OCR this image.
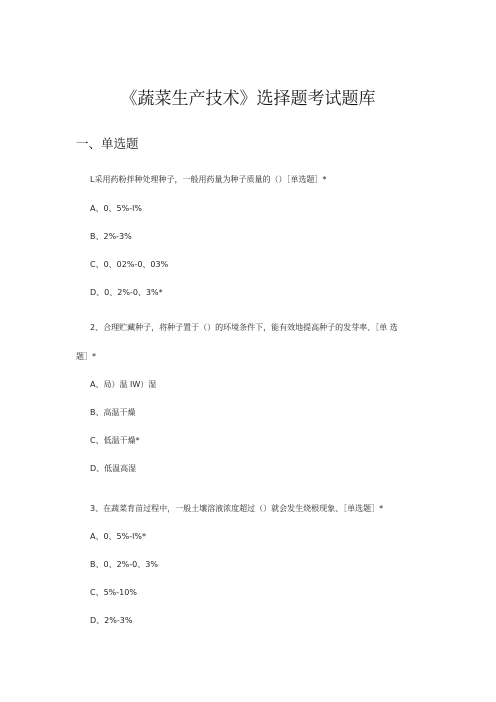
《蔬菜生产技术》选择题考试题库
一、单选题
L采用药粉拌种处理种子，一般用药量为种子质量的（）［单选题］*
A、0、5%-l%
B、2%-3%
C、0、02%-0、03%
D、0、2%-0、3%*
2、合理贮藏种子，将种子置于（）的环境条件下，能有效地提高种子的发芽率、［单 选
题］*
A、局）温 IW）湿
B、高温干燥
C、低温干燥*
D、低温高湿
3、在蔬菜育苗过程中，一般土壤溶液浓度超过（）就会发生烧根现象、［单选题］*
A、0、5%-l%*
B、0、2%-0、3%
C、5%-10%
D、2%-3%
